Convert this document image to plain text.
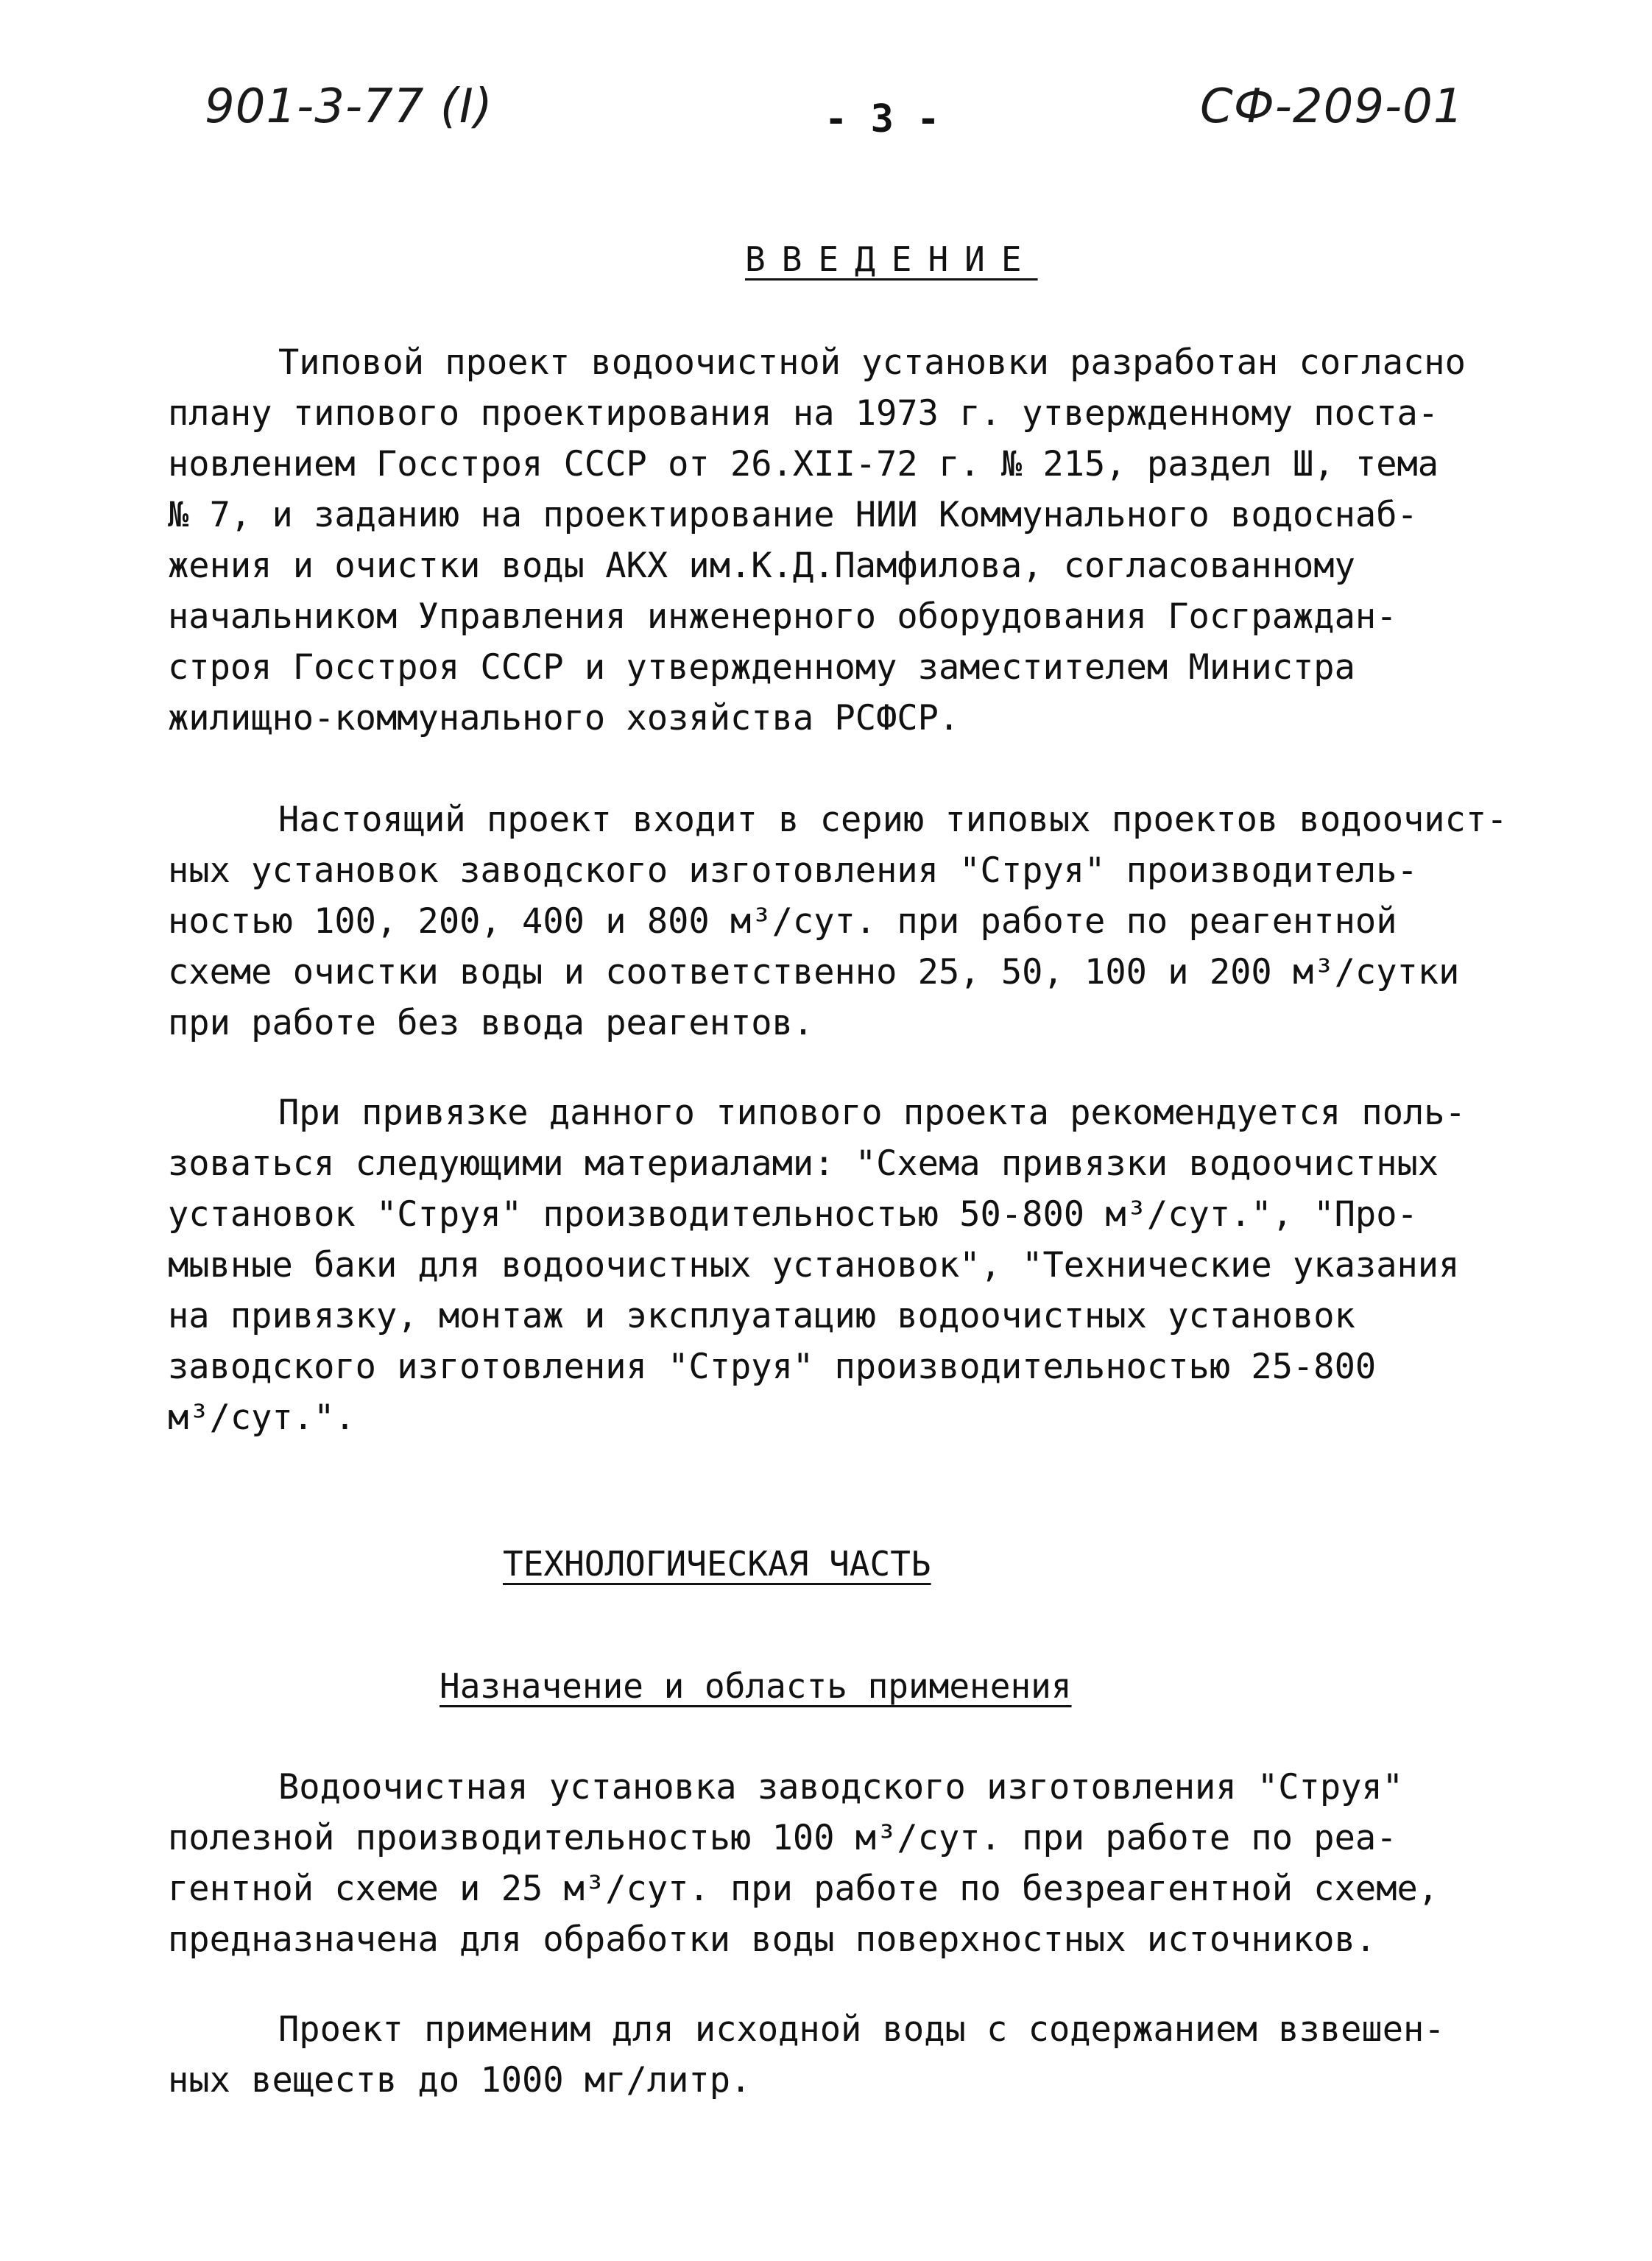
901-3-77 (I)	- 3 -	СФ-209-01
ВВЕДЕНИЕ

Типовой проект водоочистной установки разработан согласно
плану типового проектирования на 1973 г. утвержденному поста-
новлением Госстроя СССР от 26.XII-72 г. № 215, раздел Ш, тема
№ 7, и заданию на проектирование НИИ Коммунального водоснаб-
жения и очистки воды АКХ им.К.Д.Памфилова, согласованному
начальником Управления инженерного оборудования Госграждан-
строя Госстроя СССР и утвержденному заместителем Министра
жилищно-коммунального хозяйства РСФСР.

Настоящий проект входит в серию типовых проектов водоочист-
ных установок заводского изготовления "Струя" производитель-
ностью 100, 200, 400 и 800 м³/сут. при работе по реагентной
схеме очистки воды и соответственно 25, 50, 100 и 200 м³/сутки
при работе без ввода реагентов.

При привязке данного типового проекта рекомендуется поль-
зоваться следующими материалами: "Схема привязки водоочистных
установок "Струя" производительностью 50-800 м³/сут.", "Про-
мывные баки для водоочистных установок", "Технические указания
на привязку, монтаж и эксплуатацию водоочистных установок
заводского изготовления "Струя" производительностью 25-800
м³/сут.".

ТЕХНОЛОГИЧЕСКАЯ ЧАСТЬ
Назначение и область применения

Водоочистная установка заводского изготовления "Струя"
полезной производительностью 100 м³/сут. при работе по реа-
гентной схеме и 25 м³/сут. при работе по безреагентной схеме,
предназначена для обработки воды поверхностных источников.

Проект применим для исходной воды с содержанием взвешен-
ных веществ до 1000 мг/литр.
